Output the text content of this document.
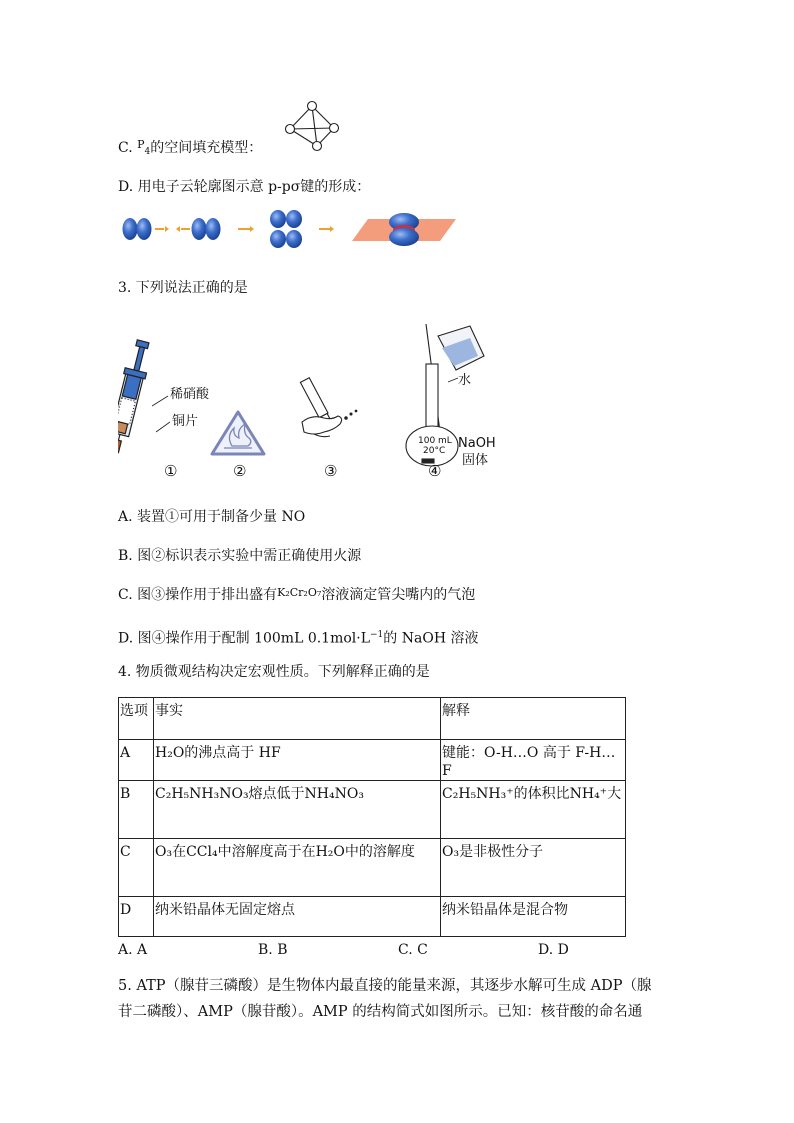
C. $^P_4$的空间填充模型：
D. 用电子云轮廓图示意 p-pσ键的形成：
3. 下列说法正确的是
稀硝酸
铜片
①	②	③
水
100 mL
20°C NaOH
固体
④
A. 装置①可用于制备少量 NO
B. 图②标识表示实验中需正确使用火源
C. 图③操作用于排出盛有$^{K_2Cr_2O_7}$溶液滴定管尖嘴内的气泡
D. 图④操作用于配制 100mL $0.1mol\cdot L^{-1}$的 NaOH 溶液
4. 物质微观结构决定宏观性质。下列解释正确的是
选项	事实	解释
A	H₂O的沸点高于 HF	键能：O-H…O 高于 F-H…F
B	C₂H₅NH₃NO₃熔点低于NH₄NO₃	C₂H₅NH₃⁺的体积比NH₄⁺大
C	O₃在CCl₄中溶解度高于在H₂O中的溶解度	O₃是非极性分子
D	纳米铅晶体无固定熔点	纳米铅晶体是混合物
A. A	B. B	C. C	D. D
5. ATP（腺苷三磷酸）是生物体内最直接的能量来源，其逐步水解可生成 ADP（腺
苷二磷酸）、AMP（腺苷酸）。AMP 的结构简式如图所示。已知：核苷酸的命名通
